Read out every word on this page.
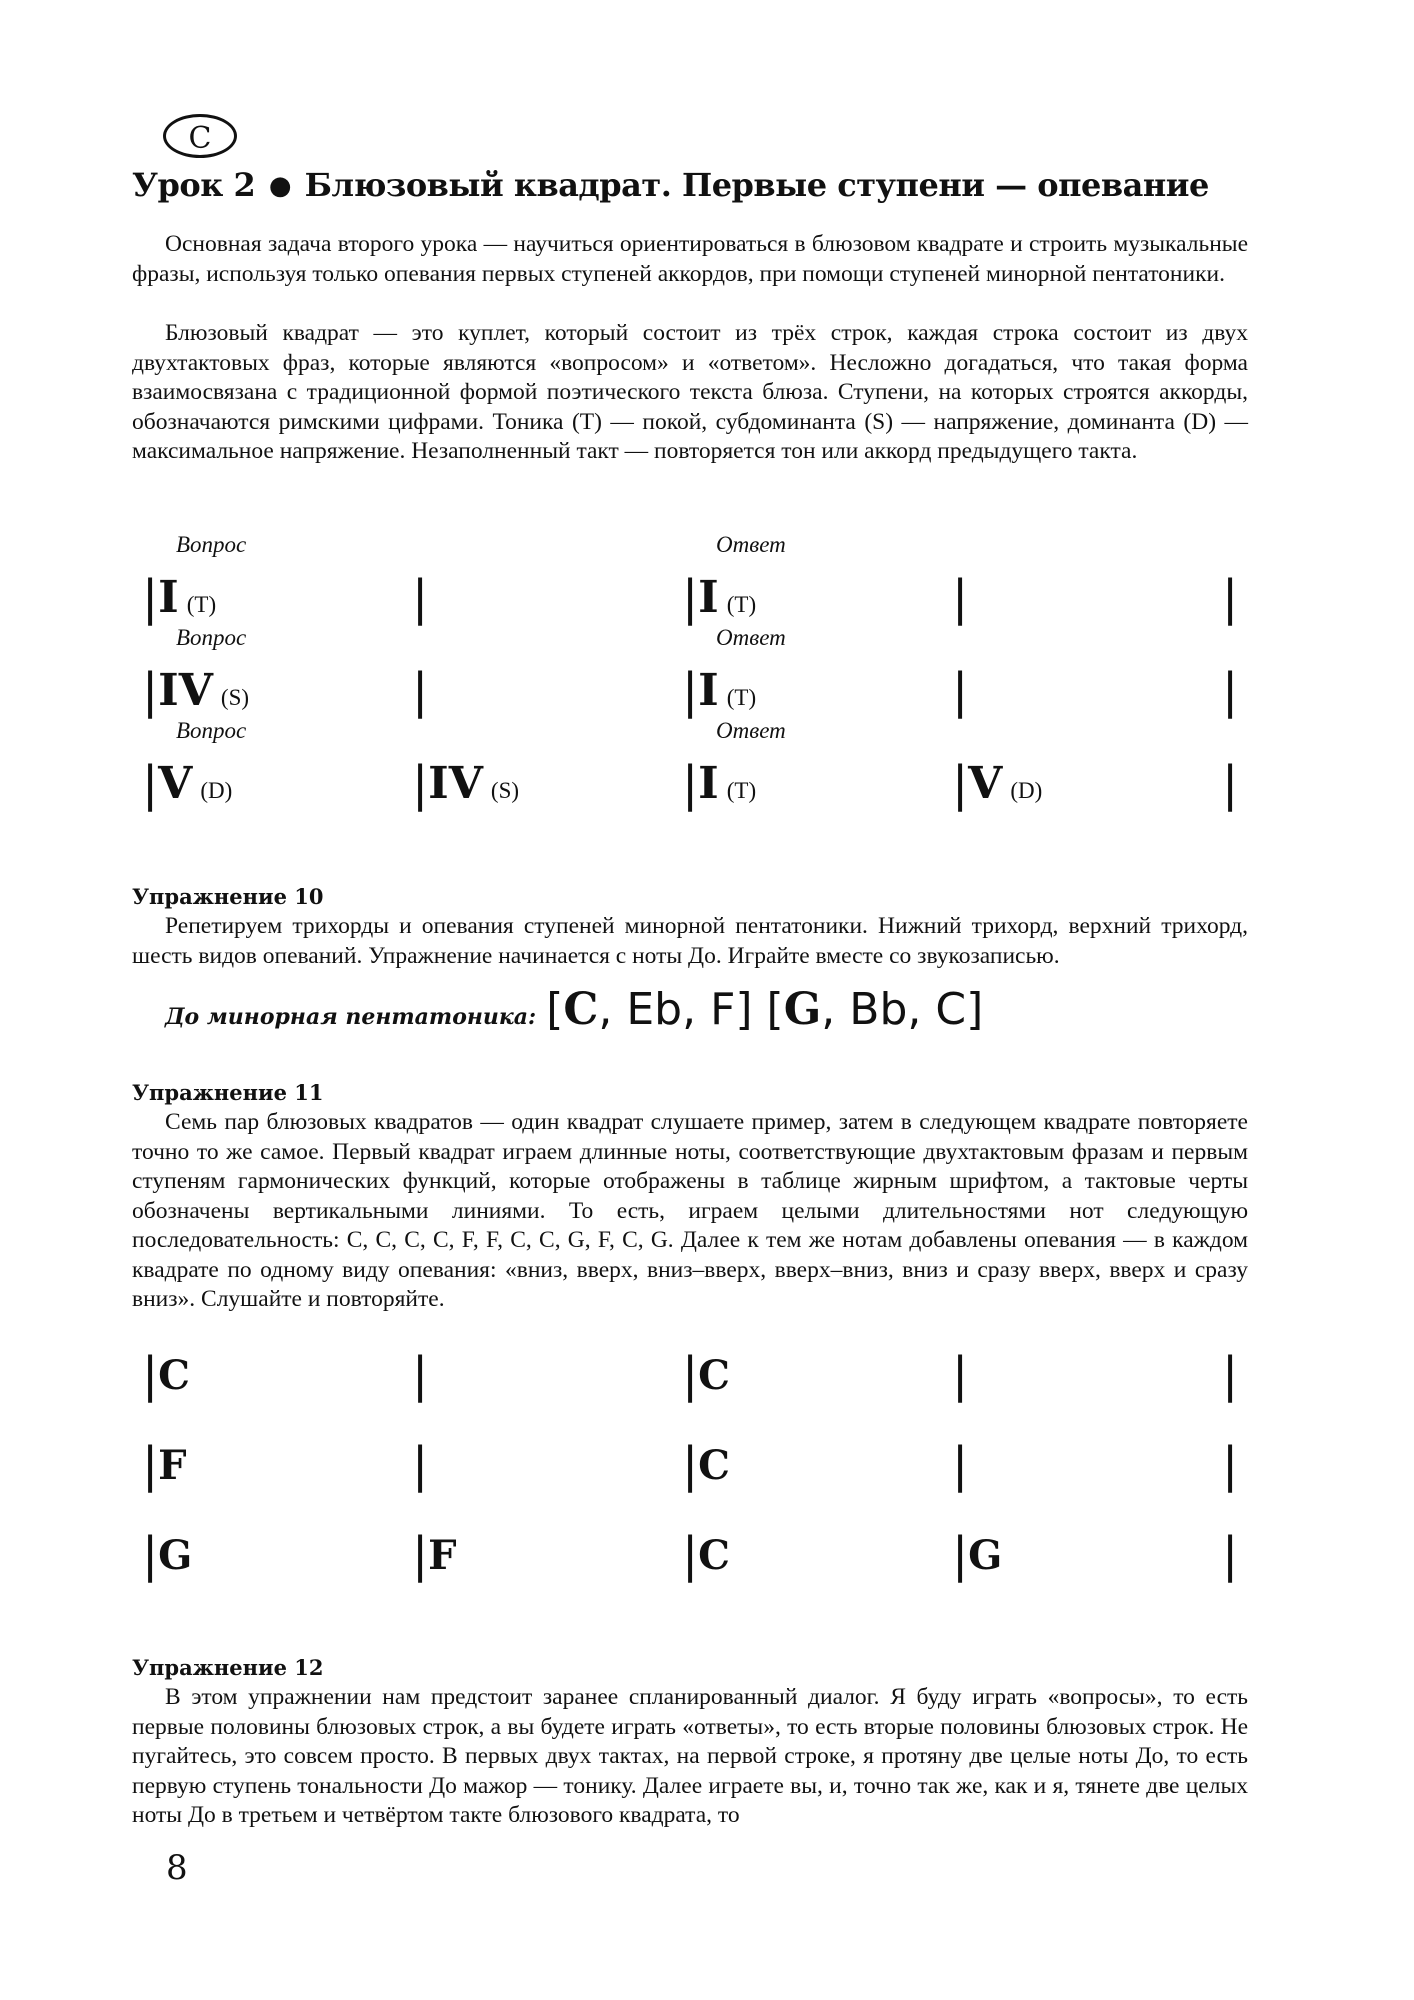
C
Урок 2 ● Блюзовый квадрат. Первые ступени — опевание

Основная задача второго урока — научиться ориентироваться в блюзовом квадрате и строить музыкальные фразы, используя только опевания первых ступеней аккордов, при помощи ступеней минорной пентатоники.

Блюзовый квадрат — это куплет, который состоит из трёх строк, каждая строка состоит из двух двухтактовых фраз, которые являются «вопросом» и «ответом». Несложно догадаться, что такая форма взаимосвязана с традиционной формой поэтического текста блюза. Ступени, на которых строятся аккорды, обозначаются римскими цифрами. Тоника (Т) — покой, субдоминанта (S) — напряжение, доминанта (D) — максимальное напряжение. Незаполненный такт — повторяется тон или аккорд предыдущего такта.

Вопрос	Ответ
Вопрос	Ответ
Вопрос	Ответ
|I (T)	|	|I (T)	|	|
|IV (S)	|	|I (T)	|	|
|V (D)	|IV (S)	|I (T)	|V (D)	|
Упражнение 10

Репетируем трихорды и опевания ступеней минорной пентатоники. Нижний трихорд, верхний трихорд, шесть видов опеваний. Упражнение начинается с ноты До. Играйте вместе со звукозаписью.

До минорная пентатоника: [C, Eb, F] [G, Bb, C]
Упражнение 11

Семь пар блюзовых квадратов — один квадрат слушаете пример, затем в следующем квадрате повторяете точно то же самое. Первый квадрат играем длинные ноты, соответствующие двухтактовым фразам и первым ступеням гармонических функций, которые отображены в таблице жирным шрифтом, а тактовые черты обозначены вертикальными линиями. То есть, играем целыми длительностями нот следующую последовательность: C, C, C, C, F, F, C, C, G, F, C, G. Далее к тем же нотам добавлены опевания — в каждом квадрате по одному виду опевания: «вниз, вверх, вниз–вверх, вверх–вниз, вниз и сразу вверх, вверх и сразу вниз». Слушайте и повторяйте.

|C	|	|C	|	|
|F	|	|C	|	|
|G	|F	|C	|G	|
Упражнение 12

В этом упражнении нам предстоит заранее спланированный диалог. Я буду играть «вопросы», то есть первые половины блюзовых строк, а вы будете играть «ответы», то есть вторые половины блюзовых строк. Не пугайтесь, это совсем просто. В первых двух тактах, на первой строке, я протяну две целые ноты До, то есть первую ступень тональности До мажор — тонику. Далее играете вы, и, точно так же, как и я, тянете две целых ноты До в третьем и четвёртом такте блюзового квадрата, то

8
